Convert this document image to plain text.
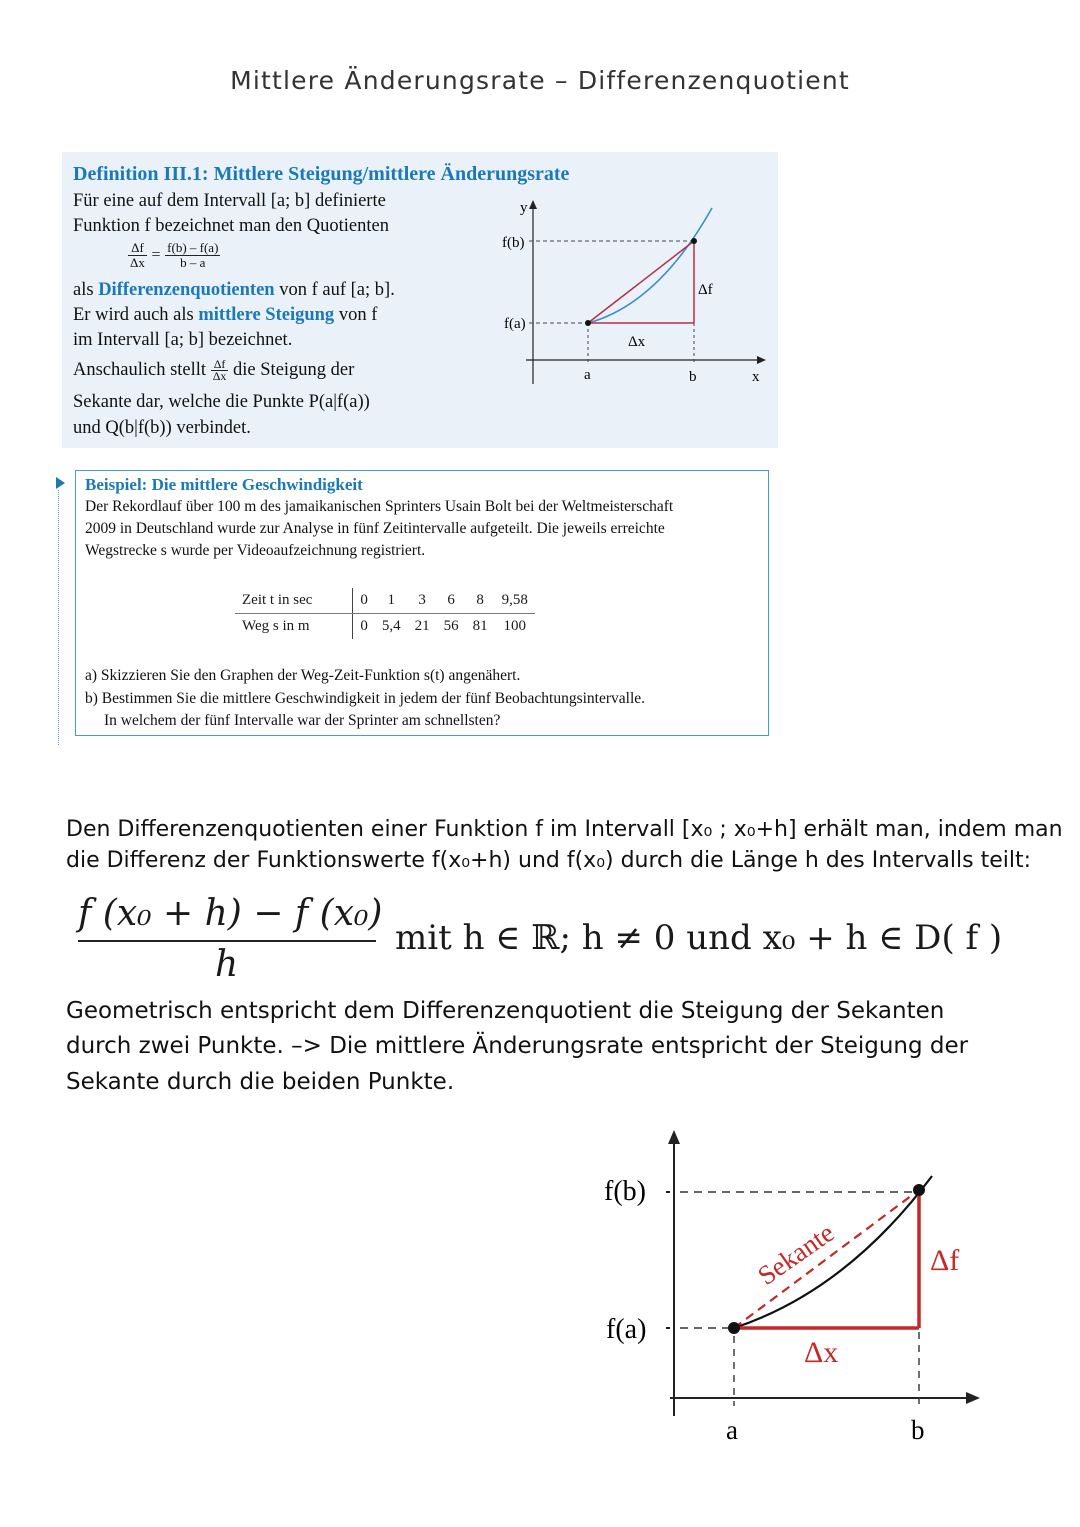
Mittlere Änderungsrate – Differenzenquotient
Definition III.1: Mittlere Steigung/mittlere Änderungsrate
Für eine auf dem Intervall [a; b] definierte
Funktion f bezeichnet man den Quotienten
$\frac{\Delta f}{\Delta x} = \frac{f(b) - f(a)}{b - a}$
als Differenzenquotienten von f auf [a; b].
Er wird auch als mittlere Steigung von f
im Intervall [a; b] bezeichnet.
Anschaulich stellt $\frac{\Delta f}{\Delta x}$ die Steigung der
Sekante dar, welche die Punkte P(a|f(a))
und Q(b|f(b)) verbindet.
y
x
f(b)
f(a)
Δx
Δf
a	b
Beispiel: Die mittlere Geschwindigkeit
Der Rekordlauf über 100 m des jamaikanischen Sprinters Usain Bolt bei der Weltmeisterschaft
2009 in Deutschland wurde zur Analyse in fünf Zeitintervalle aufgeteilt. Die jeweils erreichte
Wegstrecke s wurde per Videoaufzeichnung registriert.
Zeit t in sec	0	1	3	6	8	9,58
Weg s in m	0	5,4	21	56	81	100
a) Skizzieren Sie den Graphen der Weg-Zeit-Funktion s(t) angenähert.
b) Bestimmen Sie die mittlere Geschwindigkeit in jedem der fünf Beobachtungsintervalle.
In welchem der fünf Intervalle war der Sprinter am schnellsten?
Den Differenzenquotienten einer Funktion f im Intervall [x₀ ; x₀+h] erhält man, indem man
die Differenz der Funktionswerte f(x₀+h) und f(x₀) durch die Länge h des Intervalls teilt:
f (x₀ + h) − f (x₀)
h
mit h ∈ ℝ; h ≠ 0 und x₀ + h ∈ D( f )
Geometrisch entspricht dem Differenzenquotient die Steigung der Sekanten
durch zwei Punkte. –> Die mittlere Änderungsrate entspricht der Steigung der
Sekante durch die beiden Punkte.
f(b)
f(a)
Δx
Δf
Sekante
a	b
